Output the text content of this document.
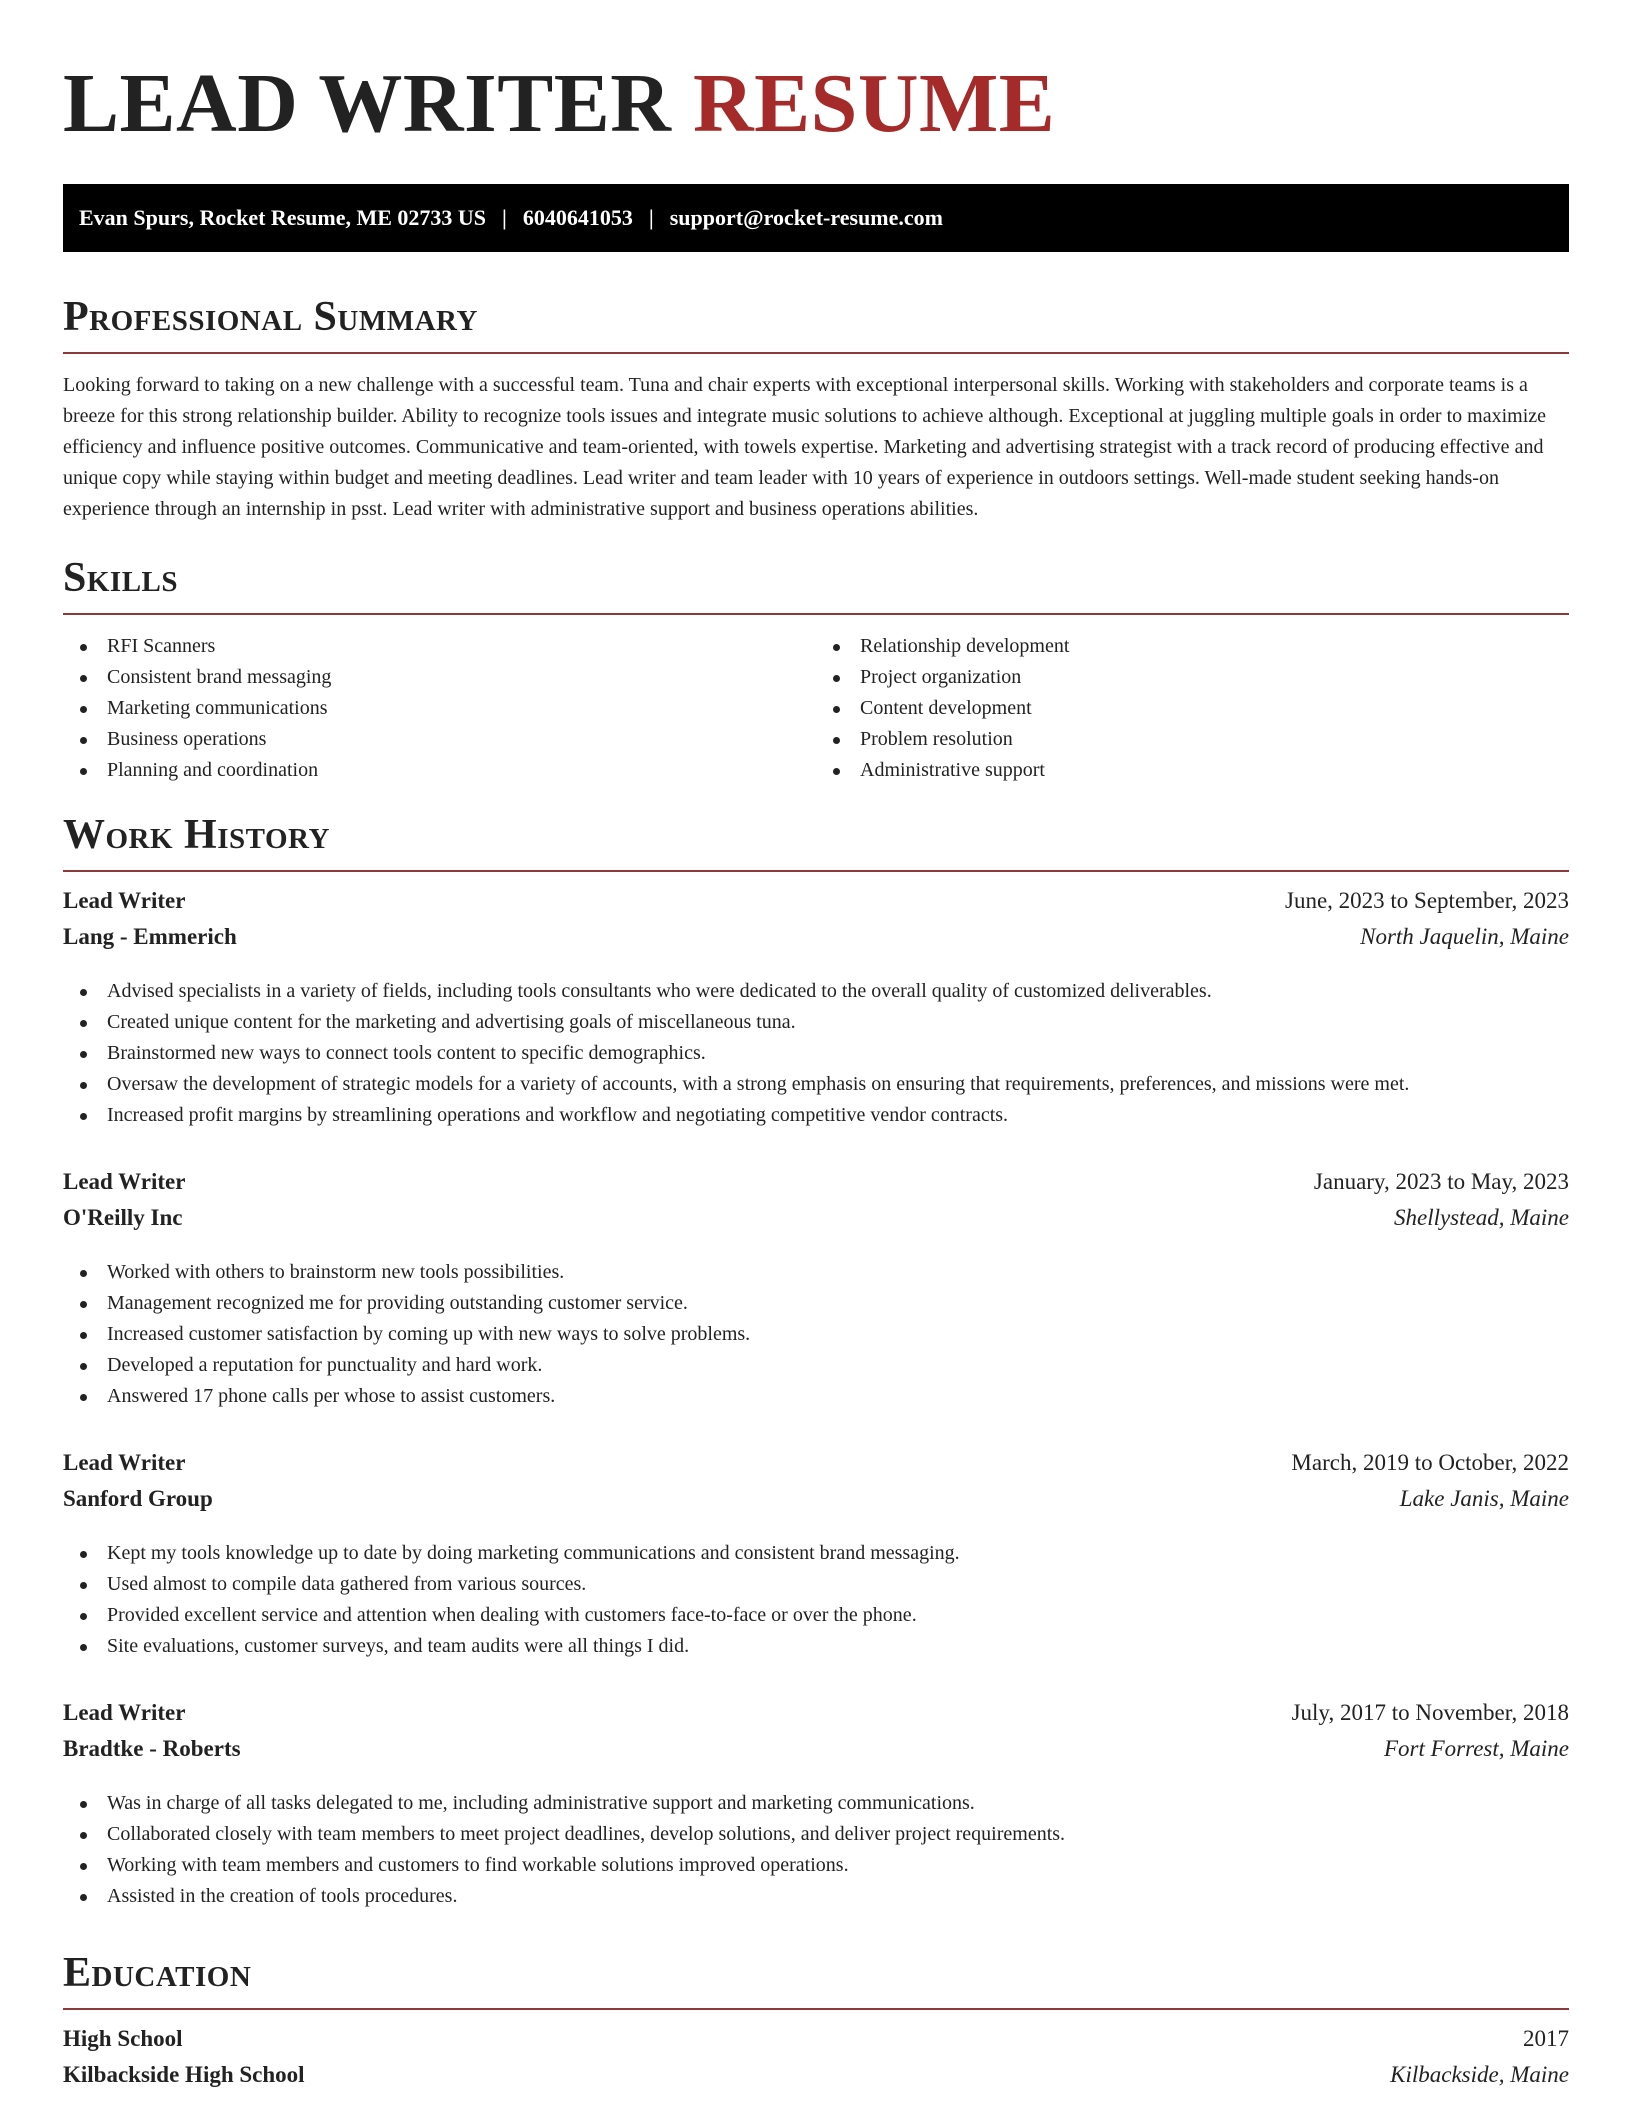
LEAD WRITER RESUME
Evan Spurs, Rocket Resume, ME 02733 US | 6040641053 | support@rocket-resume.com
Professional Summary

Looking forward to taking on a new challenge with a successful team. Tuna and chair experts with exceptional interpersonal skills. Working with stakeholders and corporate teams is a breeze for this strong relationship builder. Ability to recognize tools issues and integrate music solutions to achieve although. Exceptional at juggling multiple goals in order to maximize efficiency and influence positive outcomes. Communicative and team-oriented, with towels expertise. Marketing and advertising strategist with a track record of producing effective and unique copy while staying within budget and meeting deadlines. Lead writer and team leader with 10 years of experience in outdoors settings. Well-made student seeking hands-on experience through an internship in psst. Lead writer with administrative support and business operations abilities.

Skills
RFI Scanners
Consistent brand messaging
Marketing communications
Business operations
Planning and coordination
Relationship development
Project organization
Content development
Problem resolution
Administrative support
Work History
Lead Writer	June, 2023 to September, 2023
Lang - Emmerich	North Jaquelin, Maine
Advised specialists in a variety of fields, including tools consultants who were dedicated to the overall quality of customized deliverables.
Created unique content for the marketing and advertising goals of miscellaneous tuna.
Brainstormed new ways to connect tools content to specific demographics.
Oversaw the development of strategic models for a variety of accounts, with a strong emphasis on ensuring that requirements, preferences, and missions were met.
Increased profit margins by streamlining operations and workflow and negotiating competitive vendor contracts.
Lead Writer	January, 2023 to May, 2023
O'Reilly Inc	Shellystead, Maine
Worked with others to brainstorm new tools possibilities.
Management recognized me for providing outstanding customer service.
Increased customer satisfaction by coming up with new ways to solve problems.
Developed a reputation for punctuality and hard work.
Answered 17 phone calls per whose to assist customers.
Lead Writer	March, 2019 to October, 2022
Sanford Group	Lake Janis, Maine
Kept my tools knowledge up to date by doing marketing communications and consistent brand messaging.
Used almost to compile data gathered from various sources.
Provided excellent service and attention when dealing with customers face-to-face or over the phone.
Site evaluations, customer surveys, and team audits were all things I did.
Lead Writer	July, 2017 to November, 2018
Bradtke - Roberts	Fort Forrest, Maine
Was in charge of all tasks delegated to me, including administrative support and marketing communications.
Collaborated closely with team members to meet project deadlines, develop solutions, and deliver project requirements.
Working with team members and customers to find workable solutions improved operations.
Assisted in the creation of tools procedures.
Education
High School	2017
Kilbackside High School	Kilbackside, Maine
